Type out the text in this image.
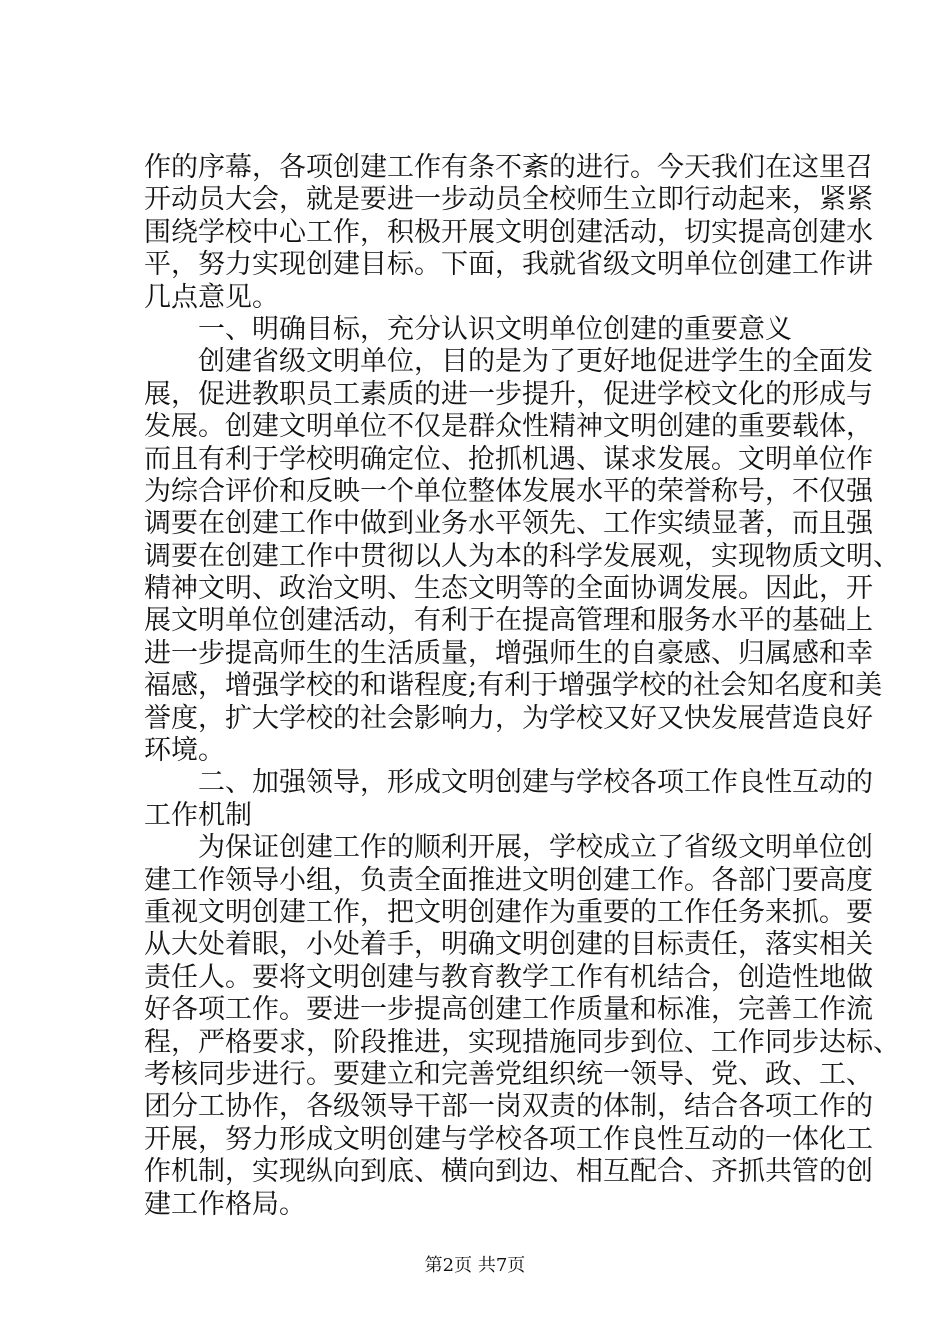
作的序幕，各项创建工作有条不紊的进行。今天我们在这里召
开动员大会，就是要进一步动员全校师生立即行动起来，紧紧
围绕学校中心工作，积极开展文明创建活动，切实提高创建水
平，努力实现创建目标。下面，我就省级文明单位创建工作讲
几点意见。
　　一、明确目标，充分认识文明单位创建的重要意义
　　创建省级文明单位，目的是为了更好地促进学生的全面发
展，促进教职员工素质的进一步提升，促进学校文化的形成与
发展。创建文明单位不仅是群众性精神文明创建的重要载体，
而且有利于学校明确定位、抢抓机遇、谋求发展。文明单位作
为综合评价和反映一个单位整体发展水平的荣誉称号，不仅强
调要在创建工作中做到业务水平领先、工作实绩显著，而且强
调要在创建工作中贯彻以人为本的科学发展观，实现物质文明、
精神文明、政治文明、生态文明等的全面协调发展。因此，开
展文明单位创建活动，有利于在提高管理和服务水平的基础上
进一步提高师生的生活质量，增强师生的自豪感、归属感和幸
福感，增强学校的和谐程度;有利于增强学校的社会知名度和美
誉度，扩大学校的社会影响力，为学校又好又快发展营造良好
环境。
　　二、加强领导，形成文明创建与学校各项工作良性互动的
工作机制
　　为保证创建工作的顺利开展，学校成立了省级文明单位创
建工作领导小组，负责全面推进文明创建工作。各部门要高度
重视文明创建工作，把文明创建作为重要的工作任务来抓。要
从大处着眼，小处着手，明确文明创建的目标责任，落实相关
责任人。要将文明创建与教育教学工作有机结合，创造性地做
好各项工作。要进一步提高创建工作质量和标准，完善工作流
程，严格要求，阶段推进，实现措施同步到位、工作同步达标、
考核同步进行。要建立和完善党组织统一领导、党、政、工、
团分工协作，各级领导干部一岗双责的体制，结合各项工作的
开展，努力形成文明创建与学校各项工作良性互动的一体化工
作机制，实现纵向到底、横向到边、相互配合、齐抓共管的创
建工作格局。
第2页 共7页
